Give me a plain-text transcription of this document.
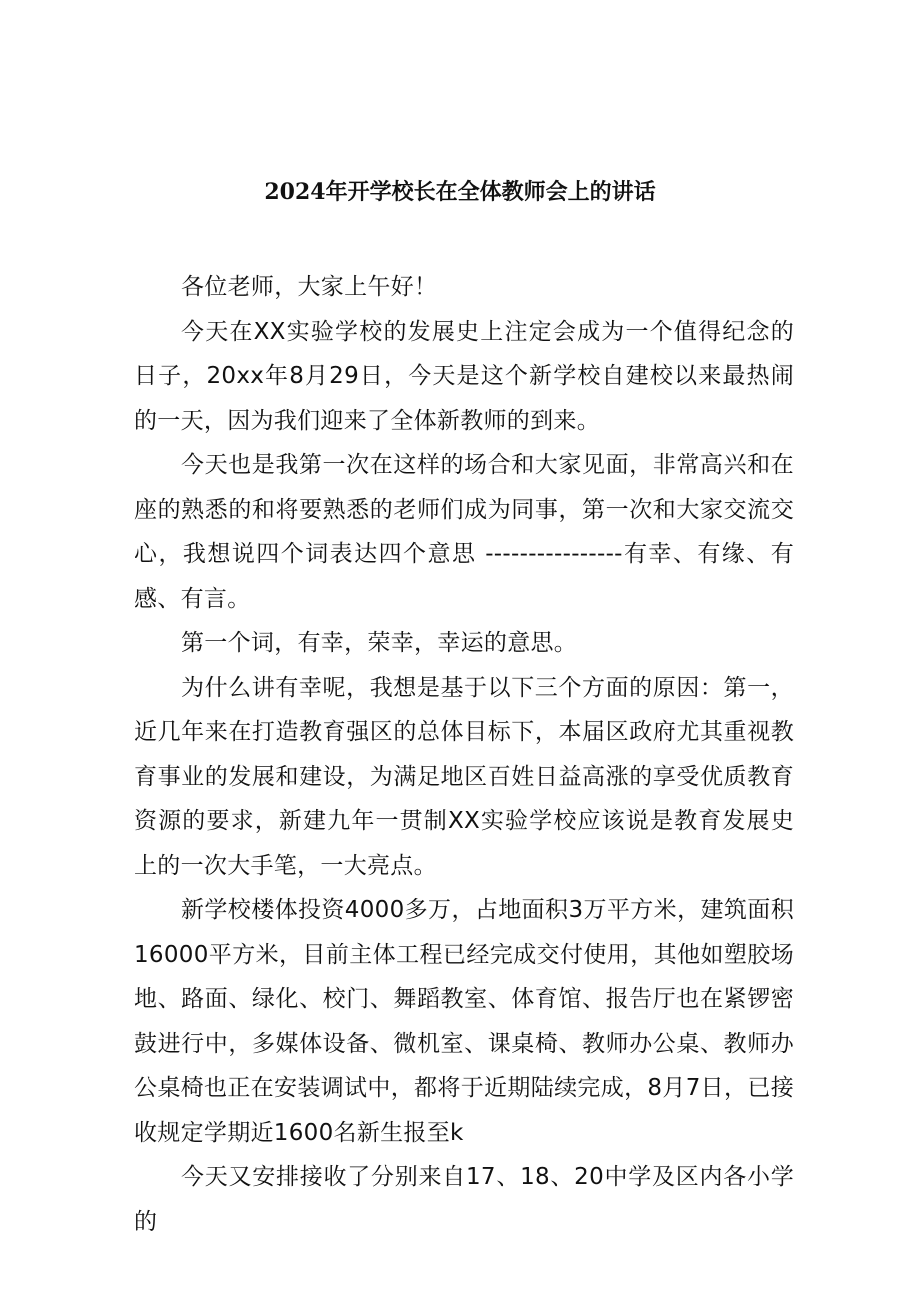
2024年开学校长在全体教师会上的讲话

各位老师，大家上午好！

今天在XX实验学校的发展史上注定会成为一个值得纪念的日子，20xx年8月29日，今天是这个新学校自建校以来最热闹的一天，因为我们迎来了全体新教师的到来。

今天也是我第一次在这样的场合和大家见面，非常高兴和在座的熟悉的和将要熟悉的老师们成为同事，第一次和大家交流交心，我想说四个词表达四个意思 ----------------有幸、有缘、有感、有言。

第一个词，有幸，荣幸，幸运的意思。

为什么讲有幸呢，我想是基于以下三个方面的原因：第一，近几年来在打造教育强区的总体目标下，本届区政府尤其重视教育事业的发展和建设，为满足地区百姓日益高涨的享受优质教育资源的要求，新建九年一贯制XX实验学校应该说是教育发展史上的一次大手笔，一大亮点。

新学校楼体投资4000多万，占地面积3万平方米，建筑面积16000平方米，目前主体工程已经完成交付使用，其他如塑胶场地、路面、绿化、校门、舞蹈教室、体育馆、报告厅也在紧锣密鼓进行中，多媒体设备、微机室、课桌椅、教师办公桌、教师办公桌椅也正在安装调试中，都将于近期陆续完成，8月7日，已接收规定学期近1600名新生报至k

今天又安排接收了分别来自17、18、20中学及区内各小学的
